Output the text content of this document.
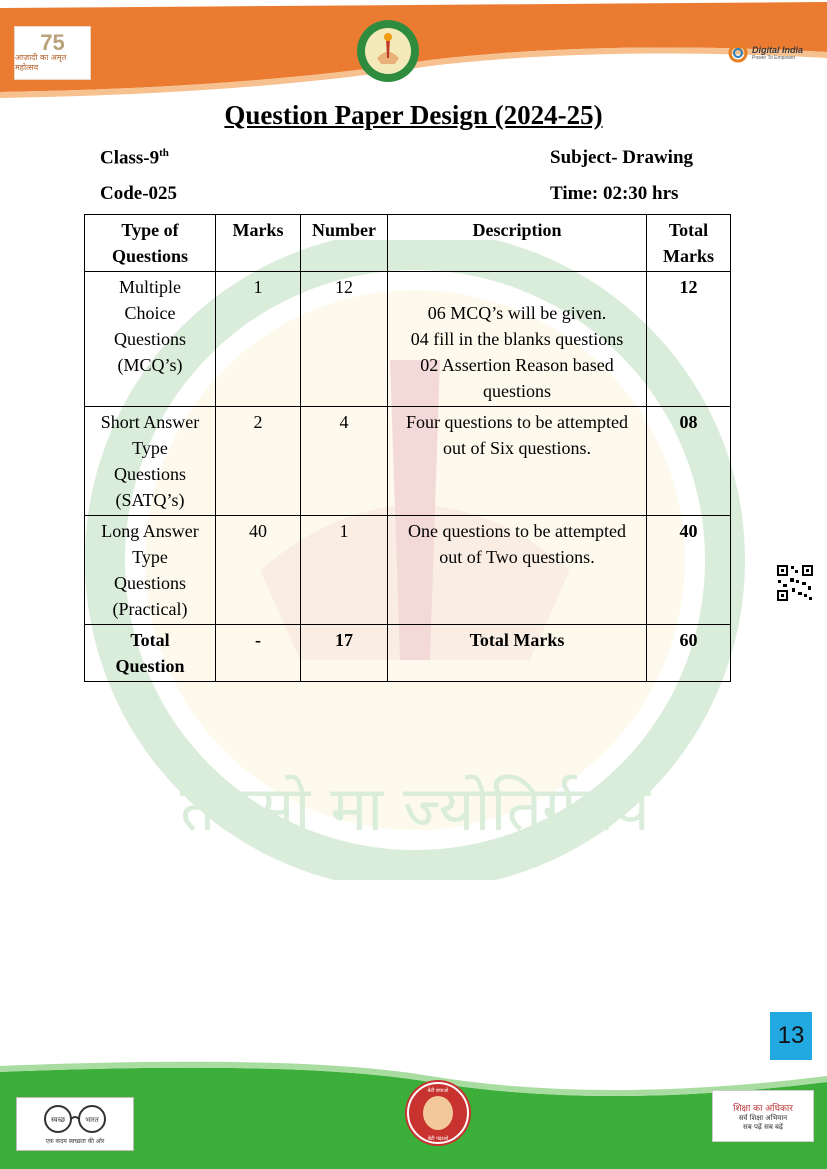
75
आज़ादी का अमृत महोत्सव
Digital India
Power To Empower
तमसो मा ज्योतिर्गमय
Question Paper Design (2024-25)
Class-9th	Subject- Drawing
Code-025	Time: 02:30 hrs
Type of
Questions	Marks	Number	Description	Total
Marks
Multiple
Choice
Questions
(MCQ’s)	1	12	06 MCQ’s will be given.
04 fill in the blanks questions
02 Assertion Reason based
questions	12
Short Answer
Type
Questions
(SATQ’s)	2	4	Four questions to be attempted
out of Six questions.	08
Long Answer
Type
Questions
(Practical)	40	1	One questions to be attempted
out of Two questions.	40
Total
Question	-	17	Total Marks	60
13
स्वच्छ	भारत
एक कदम स्वच्छता की ओर
बेटी बचाओ
बेटी पढ़ाओ
शिक्षा का अधिकार
सर्व शिक्षा अभियान
सब पढ़ें सब बढ़ें
